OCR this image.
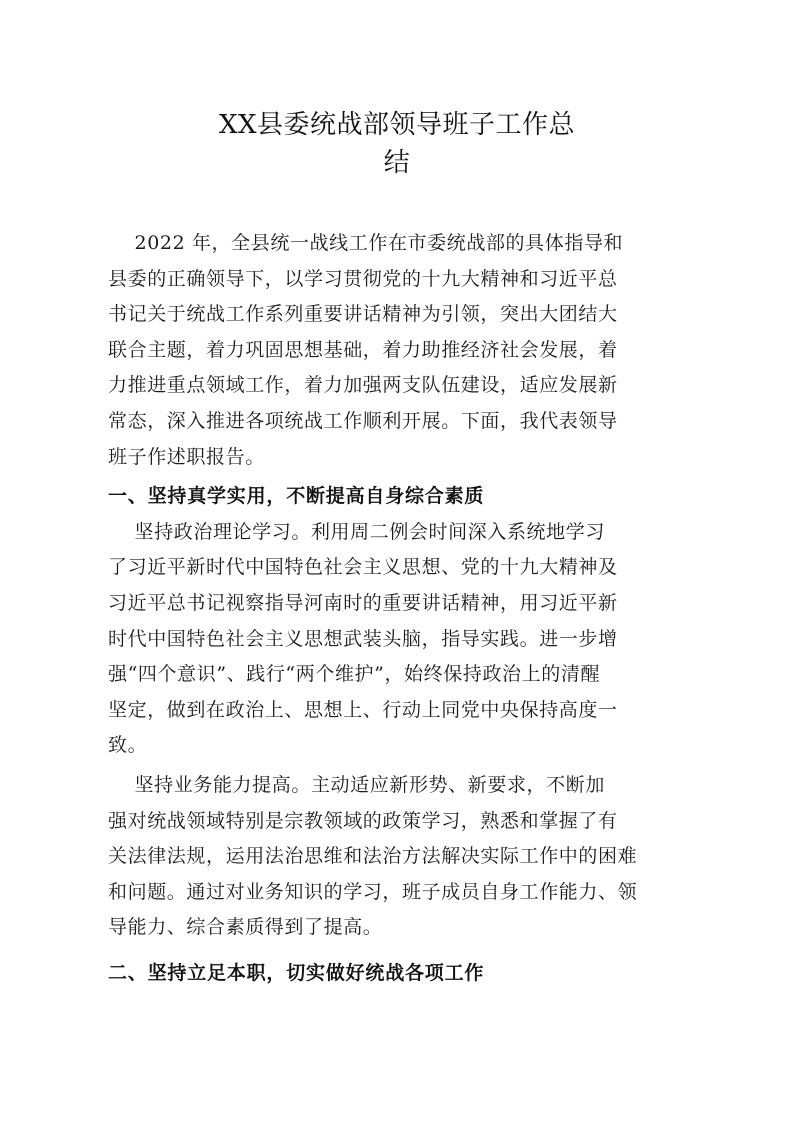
XX县委统战部领导班子工作总
结
2022 年，全县统一战线工作在市委统战部的具体指导和
县委的正确领导下，以学习贯彻党的十九大精神和习近平总
书记关于统战工作系列重要讲话精神为引领，突出大团结大
联合主题，着力巩固思想基础，着力助推经济社会发展，着
力推进重点领域工作，着力加强两支队伍建设，适应发展新
常态，深入推进各项统战工作顺利开展。下面，我代表领导
班子作述职报告。
一、坚持真学实用，不断提高自身综合素质
坚持政治理论学习。利用周二例会时间深入系统地学习
了习近平新时代中国特色社会主义思想、党的十九大精神及
习近平总书记视察指导河南时的重要讲话精神，用习近平新
时代中国特色社会主义思想武装头脑，指导实践。进一步增
强“四个意识”、践行“两个维护”，始终保持政治上的清醒
坚定，做到在政治上、思想上、行动上同党中央保持高度一
致。
坚持业务能力提高。主动适应新形势、新要求，不断加
强对统战领域特别是宗教领域的政策学习，熟悉和掌握了有
关法律法规，运用法治思维和法治方法解决实际工作中的困难
和问题。通过对业务知识的学习，班子成员自身工作能力、领
导能力、综合素质得到了提高。
二、坚持立足本职，切实做好统战各项工作
